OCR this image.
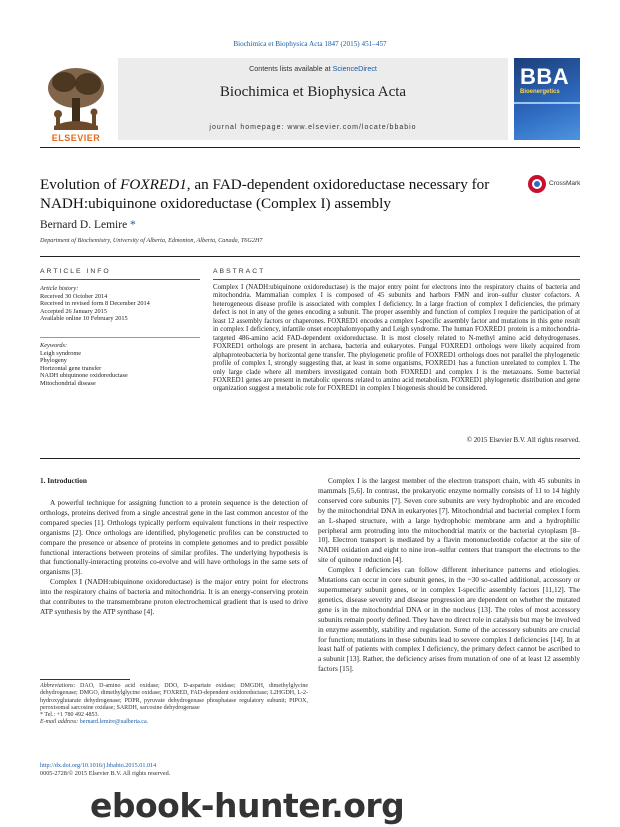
Biochimica et Biophysica Acta 1847 (2015) 451–457
ELSEVIER
Contents lists available at ScienceDirect
Biochimica et Biophysica Acta
journal homepage: www.elsevier.com/locate/bbabio
BBA
Bioenergetics
Evolution of FOXRED1, an FAD-dependent oxidoreductase necessary for NADH:ubiquinone oxidoreductase (Complex I) assembly
CrossMark
Bernard D. Lemire *
Department of Biochemistry, University of Alberta, Edmonton, Alberta, Canada, T6G2H7
ARTICLE INFO
Article history:
Received 30 October 2014
Received in revised form 8 December 2014
Accepted 26 January 2015
Available online 10 February 2015
Keywords:
Leigh syndrome
Phylogeny
Horizontal gene transfer
NADH ubiquinone oxidoreductase
Mitochondrial disease
ABSTRACT
Complex I (NADH:ubiquinone oxidoreductase) is the major entry point for electrons into the respiratory chains of bacteria and mitochondria. Mammalian complex I is composed of 45 subunits and harbors FMN and iron–sulfur cluster cofactors. A heterogeneous disease profile is associated with complex I deficiency. In a large fraction of complex I deficiencies, the primary defect is not in any of the genes encoding a subunit. The proper assembly and function of complex I require the participation of at least 12 assembly factors or chaperones. FOXRED1 encodes a complex I-specific assembly factor and mutations in this gene result in complex I deficiency, infantile onset encephalomyopathy and Leigh syndrome. The human FOXRED1 protein is a mitochondria-targeted 486-amino acid FAD-dependent oxidoreductase. It is most closely related to N-methyl amino acid dehydrogenases. FOXRED1 orthologs are present in archaea, bacteria and eukaryotes. Fungal FOXRED1 orthologs were likely acquired from alphaproteobacteria by horizontal gene transfer. The phylogenetic profile of FOXRED1 orthologs does not parallel the phylogenetic profile of complex I, strongly suggesting that, at least in some organisms, FOXRED1 has a function unrelated to complex I. The only large clade where all members investigated contain both FOXRED1 and complex I is the metazoans. Some bacterial FOXRED1 genes are present in metabolic operons related to amino acid metabolism. FOXRED1 phylogenetic distribution and gene organization suggest a metabolic role for FOXRED1 in complex I biogenesis should be considered.
© 2015 Elsevier B.V. All rights reserved.
1. Introduction

A powerful technique for assigning function to a protein sequence is the detection of orthologs, proteins derived from a single ancestral gene in the last common ancestor of the compared species [1]. Orthologs typically perform equivalent functions in their respective organisms [2]. Once orthologs are identified, phylogenetic profiles can be constructed to compare the presence or absence of proteins in complete genomes and to predict possible functional interactions between proteins of similar profiles. The underlying hypothesis is that functionally-interacting proteins co-evolve and will have orthologs in the same sets of organisms [3].

Complex I (NADH:ubiquinone oxidoreductase) is the major entry point for electrons into the respiratory chains of bacteria and mitochondria. It is an energy-conserving protein that contributes to the transmembrane proton electrochemical gradient that is used to drive ATP synthesis by the ATP synthase [4].

Complex I is the largest member of the electron transport chain, with 45 subunits in mammals [5,6]. In contrast, the prokaryotic enzyme normally consists of 11 to 14 highly conserved core subunits [7]. Seven core subunits are very hydrophobic and are encoded by the mitochondrial DNA in eukaryotes [7]. Mitochondrial and bacterial complex I form an L-shaped structure, with a large hydrophobic membrane arm and a hydrophilic peripheral arm protruding into the mitochondrial matrix or the bacterial cytoplasm [8–10]. Electron transport is mediated by a flavin mononucleotide cofactor at the site of NADH oxidation and eight to nine iron–sulfur centers that transport the electrons to the site of quinone reduction [4].

Complex I deficiencies can follow different inheritance patterns and etiologies. Mutations can occur in core subunit genes, in the ~30 so-called additional, accessory or supernumerary subunit genes, or in complex I-specific assembly factors [11,12]. The genetics, disease severity and disease progression are dependent on whether the mutated gene is in the mitochondrial DNA or in the nucleus [13]. The roles of most accessory subunits remain poorly defined. They have no direct role in catalysis but may be involved in enzyme assembly, stability and regulation. Some of the accessory subunits are crucial for function; mutations in these subunits lead to severe complex I deficiencies [14]. In at least half of patients with complex I deficiency, the primary defect cannot be ascribed to a subunit [13]. Rather, the deficiency arises from mutation of one of at least 12 assembly factors [15].

Abbreviations: DAO, D-amino acid oxidase; DDO, D-aspartate oxidase; DMGDH, dimethylglycine dehydrogenase; DMGO, dimethylglycine oxidase; FOXRED, FAD-dependent oxidoreductase; L2HGDH, L-2-hydroxyglutarate dehydrogenase; PDPR, pyruvate dehydrogenase phosphatase regulatory subunit; PIPOX, peroxisomal sarcosine oxidase; SARDH, sarcosine dehydrogenase

* Tel.: +1 780 492 4853.

E-mail address: bernard.lemire@ualberta.ca.

http://dx.doi.org/10.1016/j.bbabio.2015.01.014
0005-2728/© 2015 Elsevier B.V. All rights reserved.
ebook-hunter.org
